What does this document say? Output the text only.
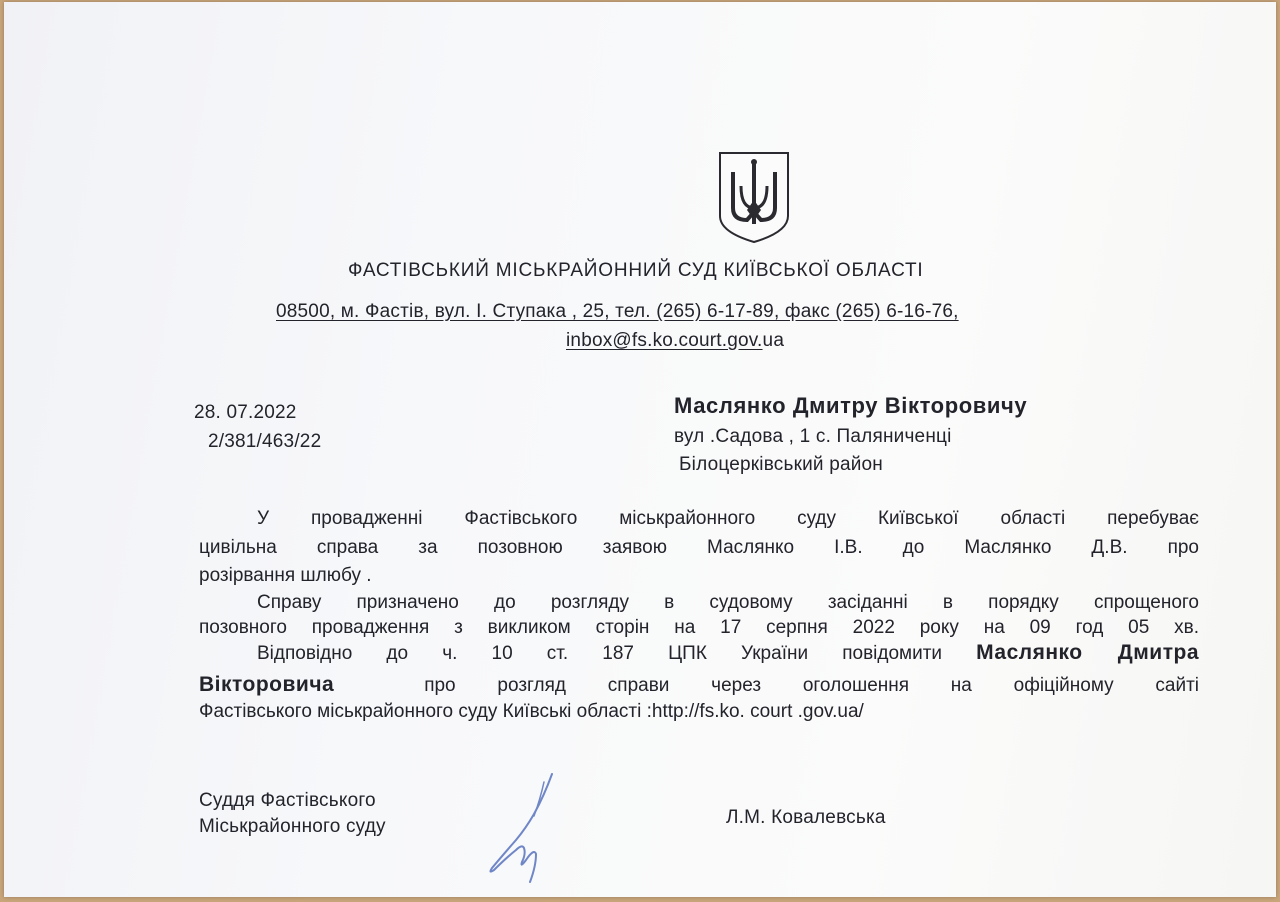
ФАСТІВСЬКИЙ МІСЬКРАЙОННИЙ СУД КИЇВСЬКОЇ ОБЛАСТІ
08500, м. Фастів, вул. І. Ступака , 25, тел. (265) 6-17-89, факс (265) 6-16-76,
inbox@fs.ko.court.gov.ua
28. 07.2022
2/381/463/22
Маслянко Дмитру Вікторовичу
вул .Садова , 1 с. Паляниченці
Білоцерківський район
У провадженні Фастівського міськрайонного суду Київської області перебуває
цивільна справа за позовною заявою Маслянко І.В. до Маслянко Д.В. про
розірвання шлюбу .
Справу призначено до розгляду в судовому засіданні в порядку спрощеного
позовного провадження з викликом сторін на 17 серпня 2022 року на 09 год 05 хв.
Відповідно до ч. 10 ст. 187 ЦПК України повідомити Маслянко Дмитра
Вікторовича	про розгляд справи через оголошення на офіційному сайті
Фастівського міськрайонного суду Київські області :http://fs.ko. court .gov.ua/
Суддя Фастівського
Міськрайонного суду	Л.М. Ковалевська
